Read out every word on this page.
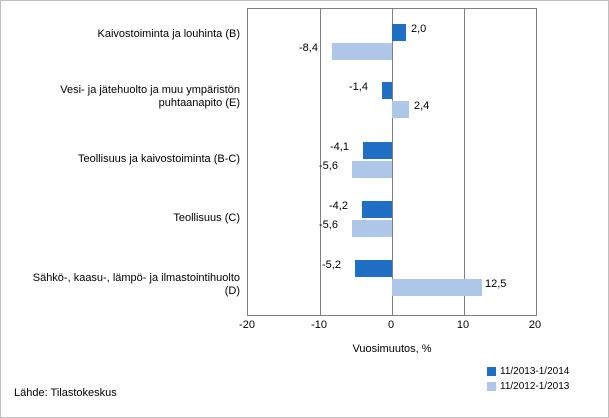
Kaivostoiminta ja louhinta (B)
Vesi- ja jätehuolto ja muu ympäristön puhtaanapito (E)
Teollisuus ja kaivostoiminta (B-C)
Teollisuus (C)
Sähkö-, kaasu-, lämpö- ja ilmastointihuolto (D)
2,0
-8,4
-1,4
2,4
-4,1
-5,6
-4,2
-5,6
-5,2
12,5
-20	-10	0	10	20
Vuosimuutos, %
11/2013-1/2014
11/2012-1/2013
Lähde: Tilastokeskus
